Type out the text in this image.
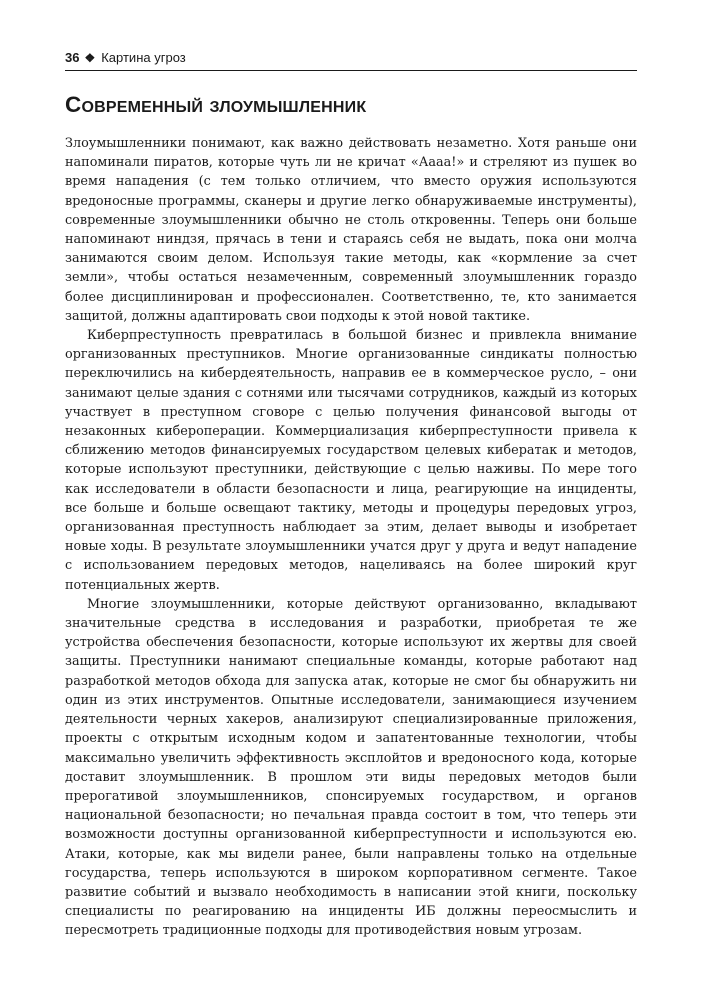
36 ❖ Картина угроз
Современный злоумышленник

Злоумышленники понимают, как важно действовать незаметно. Хотя раньше они напоминали пиратов, которые чуть ли не кричат «Аааа!» и стреляют из пушек во время нападения (с тем только отличием, что вместо оружия используются вредоносные программы, сканеры и другие легко обнаруживаемые инструменты), современные злоумышленники обычно не столь откровенны. Теперь они больше напоминают ниндзя, прячась в тени и стараясь себя не выдать, пока они молча занимаются своим делом. Используя такие методы, как «кормление за счет земли», чтобы остаться незамеченным, современный злоумышленник гораздо более дисциплинирован и профессионален. Соответственно, те, кто занимается защитой, должны адаптировать свои подходы к этой новой тактике.

Киберпреступность превратилась в большой бизнес и привлекла внимание организованных преступников. Многие организованные синдикаты полностью переключились на кибердеятельность, направив ее в коммерческое русло, – они занимают целые здания с сотнями или тысячами сотрудников, каждый из которых участвует в преступном сговоре с целью получения финансовой выгоды от незаконных кибероперации. Коммерциализация киберпреступности привела к сближению методов финансируемых государством целевых кибератак и методов, которые используют преступники, действующие с целью наживы. По мере того как исследователи в области безопасности и лица, реагирующие на инциденты, все больше и больше освещают тактику, методы и процедуры передовых угроз, организованная преступность наблюдает за этим, делает выводы и изобретает новые ходы. В результате злоумышленники учатся друг у друга и ведут нападение с использованием передовых методов, нацеливаясь на более широкий круг потенциальных жертв.

Многие злоумышленники, которые действуют организованно, вкладывают значительные средства в исследования и разработки, приобретая те же устройства обеспечения безопасности, которые используют их жертвы для своей защиты. Преступники нанимают специальные команды, которые работают над разработкой методов обхода для запуска атак, которые не смог бы обнаружить ни один из этих инструментов. Опытные исследователи, занимающиеся изучением деятельности черных хакеров, анализируют специализированные приложения, проекты с открытым исходным кодом и запатентованные технологии, чтобы максимально увеличить эффективность эксплойтов и вредоносного кода, которые доставит злоумышленник. В прошлом эти виды передовых методов были прерогативой злоумышленников, спонсируемых государством, и органов национальной безопасности; но печальная правда состоит в том, что теперь эти возможности доступны организованной киберпреступности и используются ею. Атаки, которые, как мы видели ранее, были направлены только на отдельные государства, теперь используются в широком корпоративном сегменте. Такое развитие событий и вызвало необходимость в написании этой книги, поскольку специалисты по реагированию на инциденты ИБ должны переосмыслить и пересмотреть традиционные подходы для противодействия новым угрозам.
